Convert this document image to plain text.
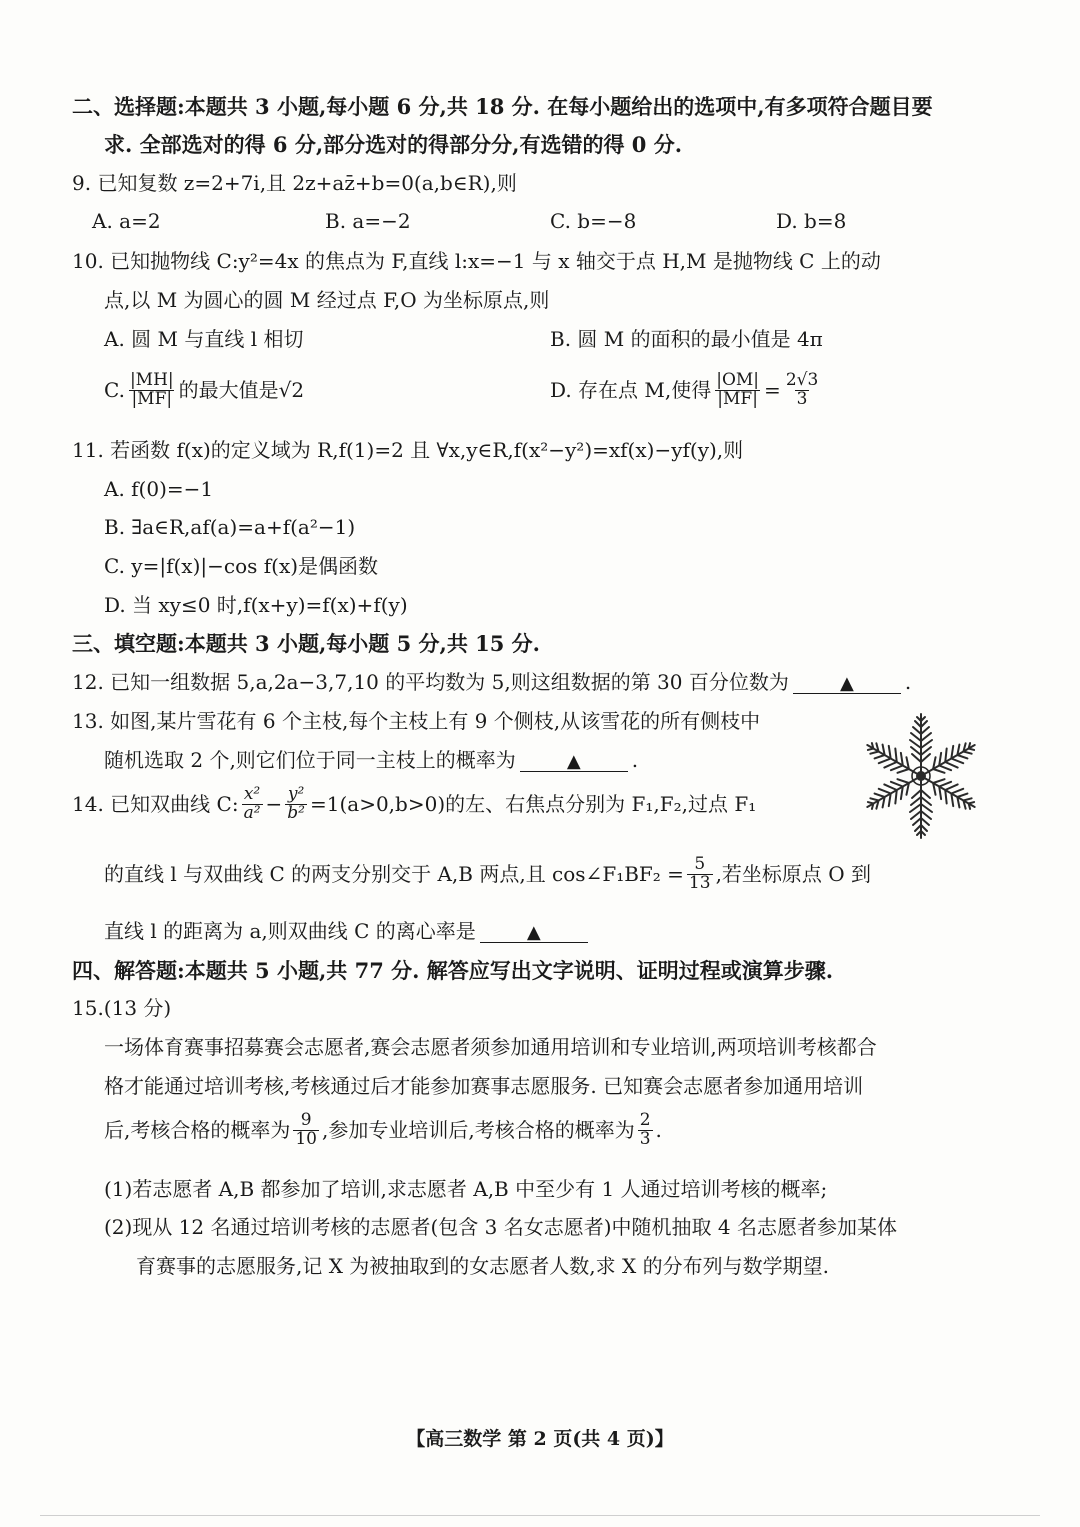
二、选择题:本题共 3 小题,每小题 6 分,共 18 分. 在每小题给出的选项中,有多项符合题目要
求. 全部选对的得 6 分,部分选对的得部分分,有选错的得 0 分.
9. 已知复数 z=2+7i,且 2z+az̄+b=0(a,b∈R),则
A. a=2	B. a=−2	C. b=−8	D. b=8
10. 已知抛物线 C:y²=4x 的焦点为 F,直线 l:x=−1 与 x 轴交于点 H,M 是抛物线 C 上的动
点,以 M 为圆心的圆 M 经过点 F,O 为坐标原点,则
A. 圆 M 与直线 l 相切	B. 圆 M 的面积的最小值是 4π
C. $\frac{|MH|}{|MF|}$ 的最大值是√2	D. 存在点 M,使得 $\frac{|OM|}{|MF|} = \frac{2√3}{3}$
11. 若函数 f(x)的定义域为 R,f(1)=2 且 ∀x,y∈R,f(x²−y²)=xf(x)−yf(y),则
A. f(0)=−1
B. ∃a∈R,af(a)=a+f(a²−1)
C. y=|f(x)|−cos f(x)是偶函数
D. 当 xy≤0 时,f(x+y)=f(x)+f(y)
三、填空题:本题共 3 小题,每小题 5 分,共 15 分.
12. 已知一组数据 5,a,2a−3,7,10 的平均数为 5,则这组数据的第 30 百分位数为	▲	.
13. 如图,某片雪花有 6 个主枝,每个主枝上有 9 个侧枝,从该雪花的所有侧枝中
随机选取 2 个,则它们位于同一主枝上的概率为	▲	.
14. 已知双曲线 C: $\frac{\text{x²}}{\text{a²}} - \frac{\text{y²}}{\text{b²}} =1(a>0,b>0)$的左、右焦点分别为 F₁,F₂,过点 F₁
的直线 l 与双曲线 C 的两支分别交于 A,B 两点,且 cos∠F₁BF₂ = $\frac{5}{13}$ ,若坐标原点 O 到
直线 l 的距离为 a,则双曲线 C 的离心率是	▲
四、解答题:本题共 5 小题,共 77 分. 解答应写出文字说明、证明过程或演算步骤.
15.(13 分)
一场体育赛事招募赛会志愿者,赛会志愿者须参加通用培训和专业培训,两项培训考核都合
格才能通过培训考核,考核通过后才能参加赛事志愿服务. 已知赛会志愿者参加通用培训
后,考核合格的概率为 $\frac{9}{10}$ ,参加专业培训后,考核合格的概率为 $\frac{2}{3}$ .
(1)若志愿者 A,B 都参加了培训,求志愿者 A,B 中至少有 1 人通过培训考核的概率;
(2)现从 12 名通过培训考核的志愿者(包含 3 名女志愿者)中随机抽取 4 名志愿者参加某体
育赛事的志愿服务,记 X 为被抽取到的女志愿者人数,求 X 的分布列与数学期望.
【高三数学 第 2 页(共 4 页)】
